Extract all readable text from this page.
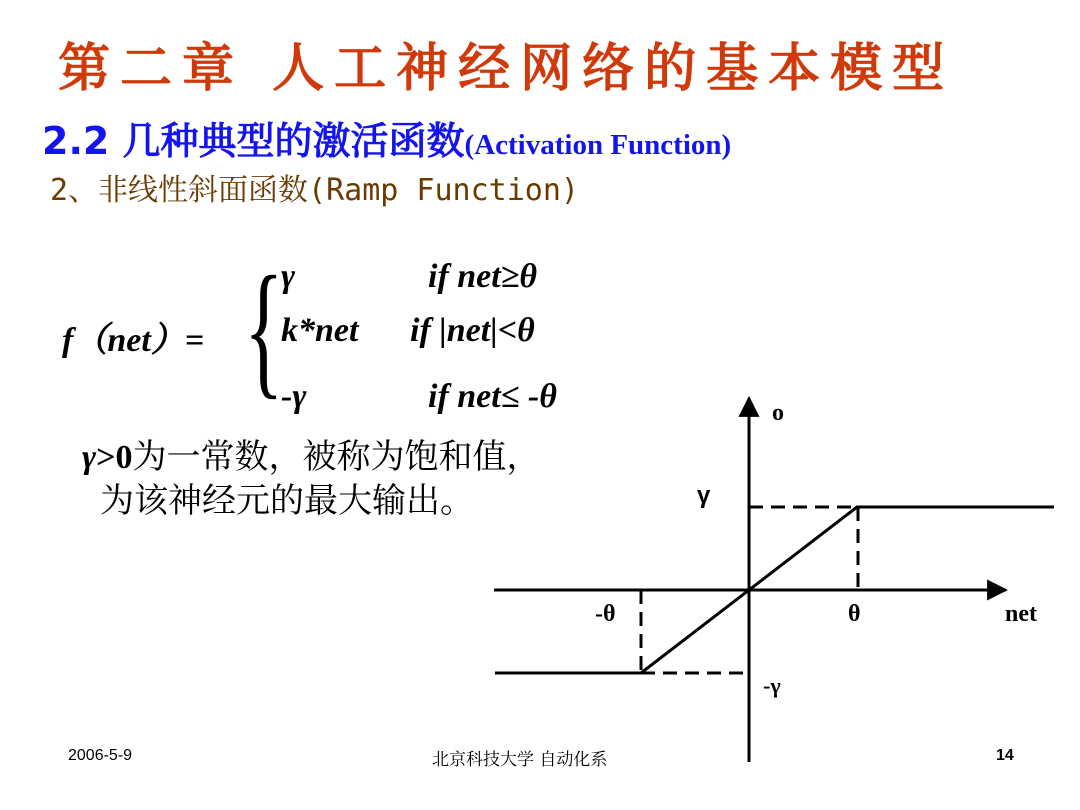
第二章 人工神经网络的基本模型
2.2 几种典型的激活函数(Activation Function)
2、非线性斜面函数(Ramp Function)
f（net）= {
γ	if net≥θ
k*net if |net|<θ
-γ	if net≤ -θ
γ>0为一常数，被称为饱和值，
为该神经元的最大输出。
o
γ
-γ
-θ	θ	net
2006-5-9	北京科技大学 自动化系	14
